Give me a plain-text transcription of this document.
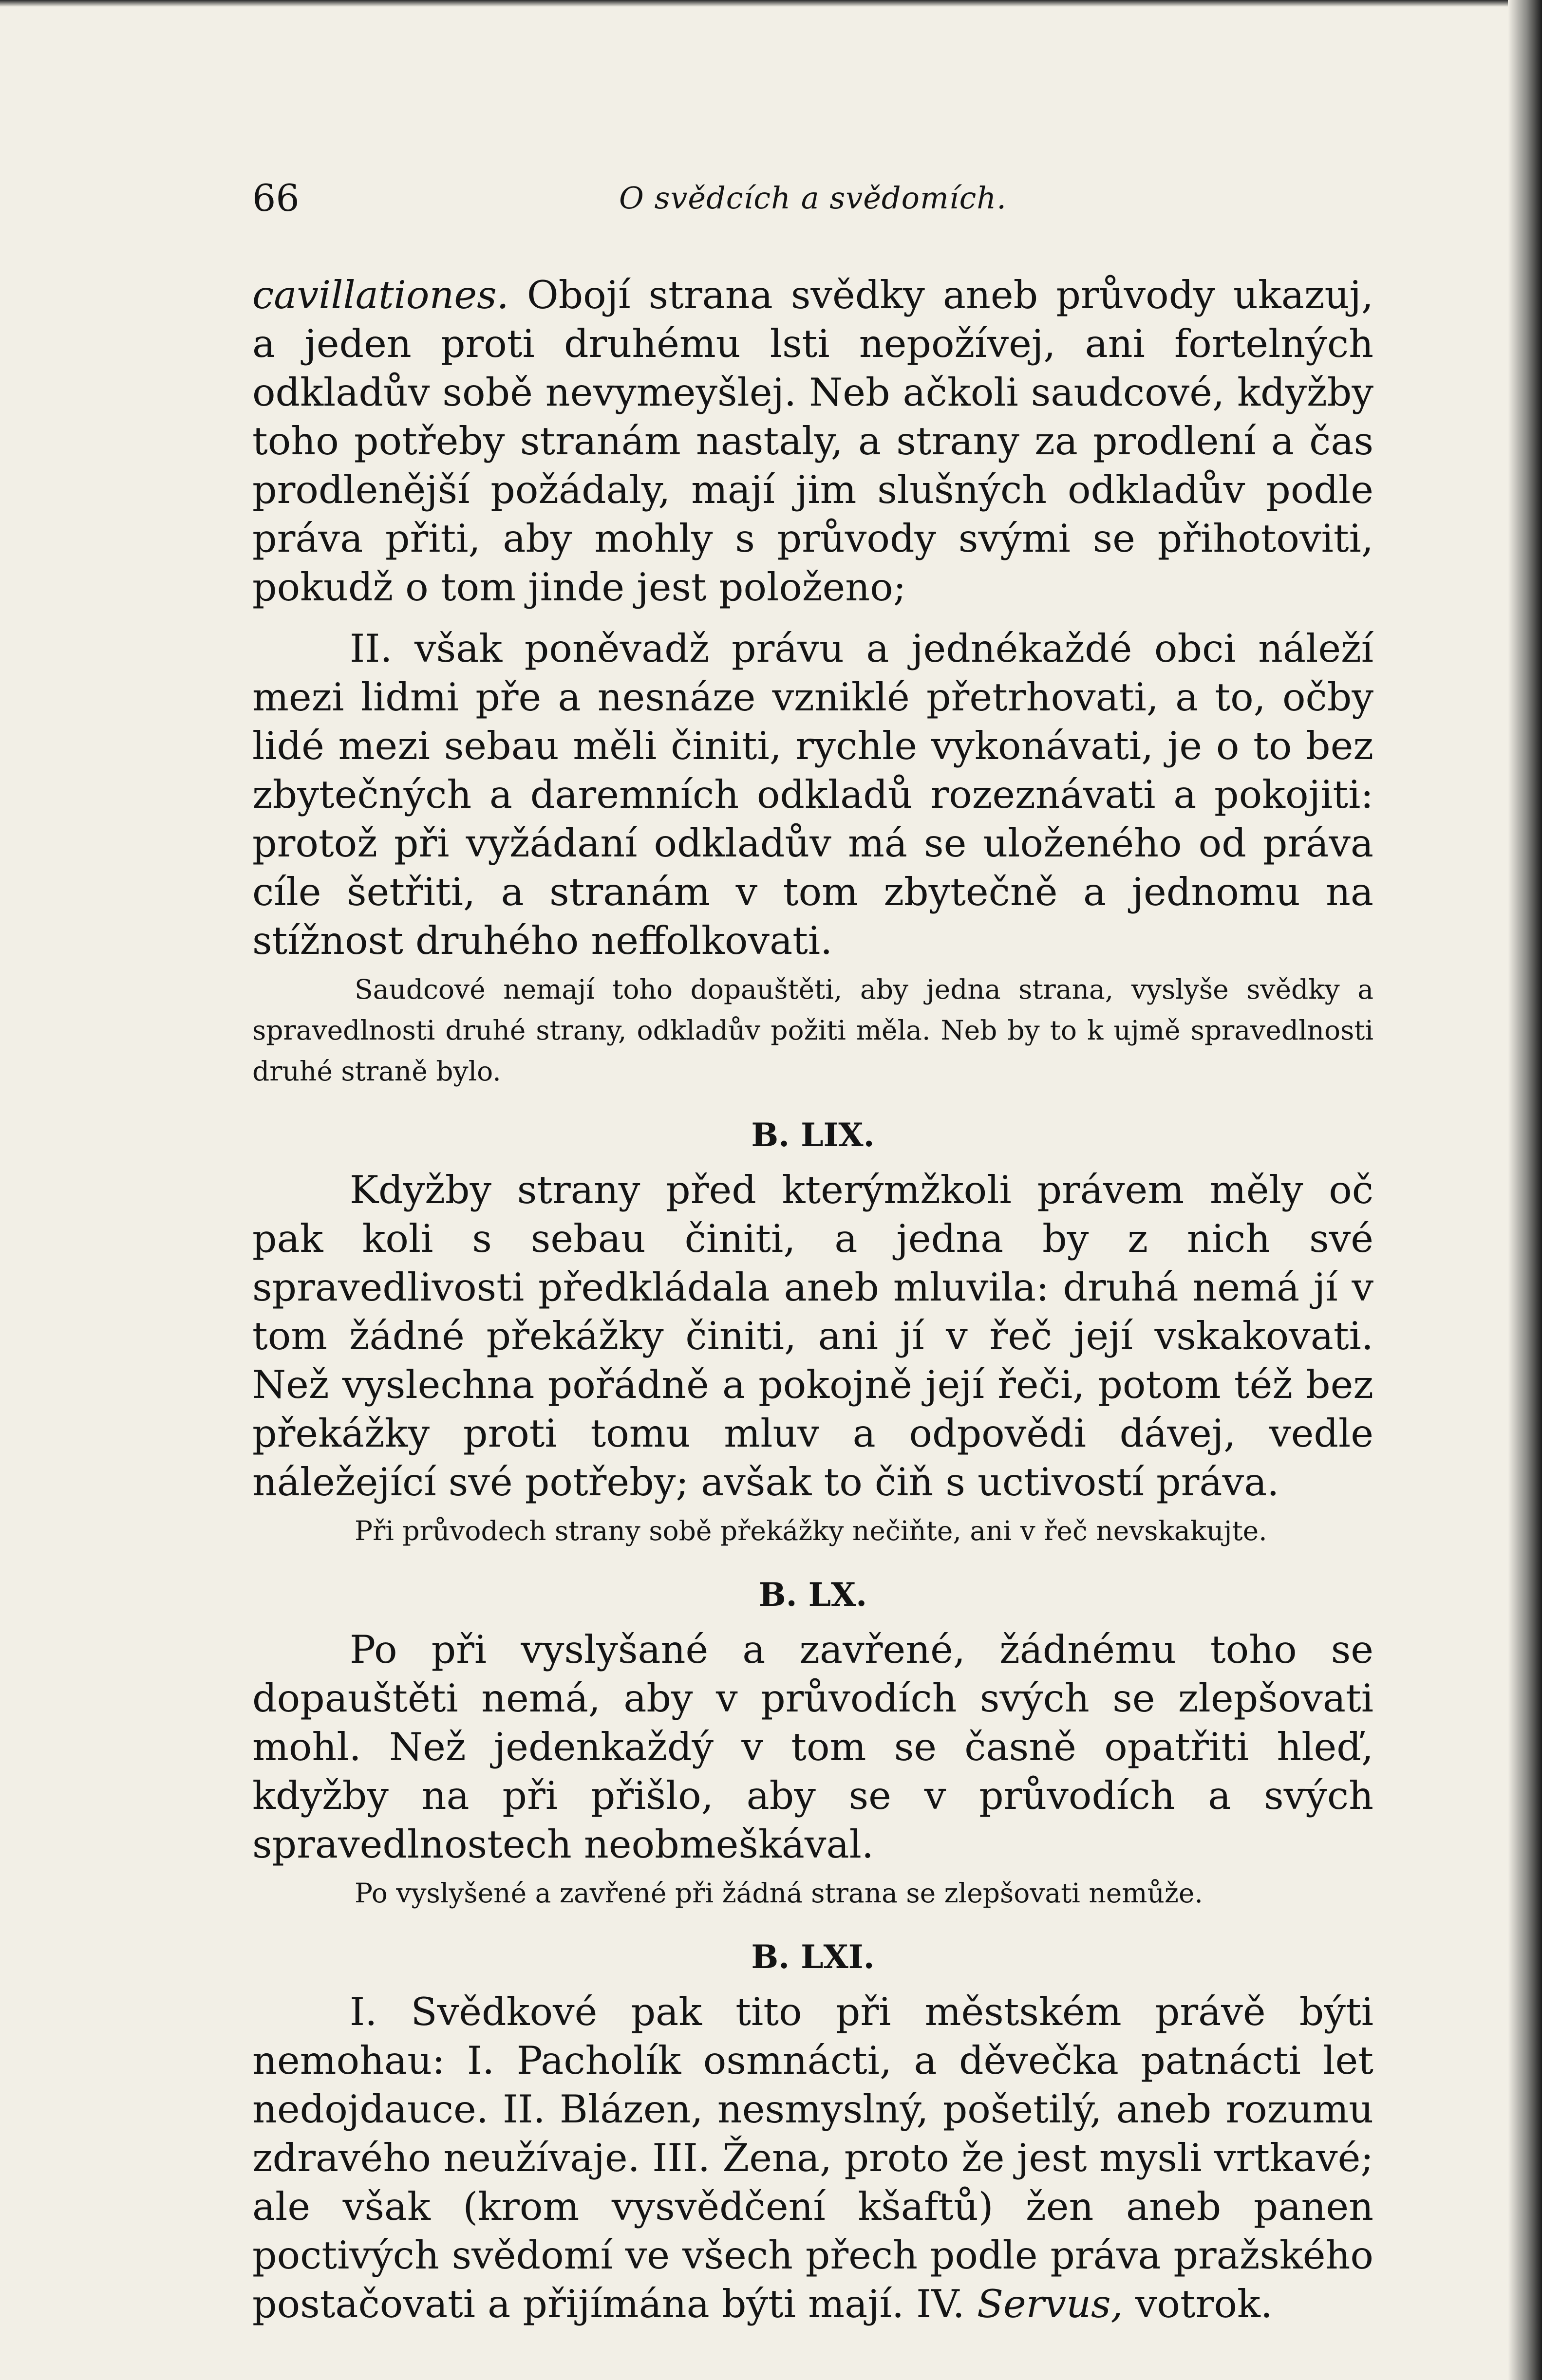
66	O svědcích a svědomích.

cavillationes. Obojí strana svědky aneb průvody ukazuj, a jeden proti druhému lsti nepožívej, ani fortelných odkladův sobě nevymeyšlej. Neb ačkoli saudcové, kdyžby toho potřeby stranám nastaly, a strany za prodlení a čas prodlenější požádaly, mají jim slušných odkladův podle práva přiti, aby mohly s průvody svými se přihotoviti, pokudž o tom jinde jest položeno;

II. však poněvadž právu a jednékaždé obci náleží mezi lidmi pře a nesnáze vzniklé přetrhovati, a to, očby lidé mezi sebau měli činiti, rychle vykonávati, je o to bez zbytečných a daremních odkladů rozeznávati a pokojiti: protož při vyžádaní odkladův má se uloženého od práva cíle šetřiti, a stranám v tom zbytečně a jednomu na stížnost druhého neffolkovati.

Saudcové nemají toho dopauštěti, aby jedna strana, vyslyše svědky a spravedlnosti druhé strany, odkladův požiti měla. Neb by to k ujmě spravedlnosti druhé straně bylo.

B. LIX.

Kdyžby strany před kterýmžkoli právem měly oč pak koli s sebau činiti, a jedna by z nich své spravedlivosti předkládala aneb mluvila: druhá nemá jí v tom žádné překážky činiti, ani jí v řeč její vskakovati. Než vyslechna pořádně a pokojně její řeči, potom též bez překážky proti tomu mluv a odpovědi dávej, vedle náležející své potřeby; avšak to čiň s uctivostí práva.

Při průvodech strany sobě překážky nečiňte, ani v řeč nevskakujte.

B. LX.

Po při vyslyšané a zavřené, žádnému toho se dopauštěti nemá, aby v průvodích svých se zlepšovati mohl. Než jedenkaždý v tom se časně opatřiti hleď, kdyžby na při přišlo, aby se v průvodích a svých spravedlnostech neobmeškával.

Po vyslyšené a zavřené při žádná strana se zlepšovati nemůže.

B. LXI.

I. Svědkové pak tito při městském právě býti nemohau: I. Pacholík osmnácti, a děvečka patnácti let nedojdauce. II. Blázen, nesmyslný, pošetilý, aneb rozumu zdravého neužívaje. III. Žena, proto že jest mysli vrtkavé; ale však (krom vysvědčení kšaftů) žen aneb panen poctivých svědomí ve všech přech podle práva pražského postačovati a přijímána býti mají. IV. Servus, votrok.
